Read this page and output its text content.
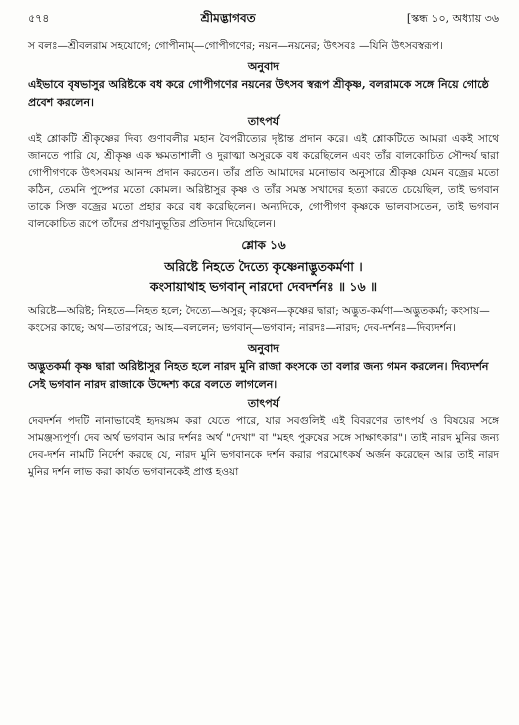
৫৭৪	শ্রীমদ্ভাগবত	[স্কন্ধ ১০, অধ্যায় ৩৬

স বলঃ—শ্রীবলরাম সহযোগে; গোপীনাম্—গোপীগণের; নয়ন—নয়নের; উৎসবঃ —যিনি উৎসবস্বরূপ।

অনুবাদ

এইভাবে বৃষভাসুর অরিষ্টকে বধ করে গোপীগণের নয়নের উৎসব স্বরূপ শ্রীকৃষ্ণ, বলরামকে সঙ্গে নিয়ে গোষ্ঠে প্রবেশ করলেন।

তাৎপর্য

এই শ্লোকটি শ্রীকৃষ্ণের দিব্য গুণাবলীর মহান বৈপরীত্যের দৃষ্টান্ত প্রদান করে। এই শ্লোকটিতে আমরা একই সাথে জানতে পারি যে, শ্রীকৃষ্ণ এক ক্ষমতাশালী ও দুরাত্মা অসুরকে বধ করেছিলেন এবং তাঁর বালকোচিত সৌন্দর্য দ্বারা গোপীগণকে উৎসবময় আনন্দ প্রদান করতেন। তাঁর প্রতি আমাদের মনোভাব অনুসারে শ্রীকৃষ্ণ যেমন বজ্রের মতো কঠিন, তেমনি পুষ্পের মতো কোমল। অরিষ্টাসুর কৃষ্ণ ও তাঁর সমস্ত সখাদের হত্যা করতে চেয়েছিল, তাই ভগবান তাকে সিক্ত বজ্রের মতো প্রহার করে বধ করেছিলেন। অন্যদিকে, গোপীগণ কৃষ্ণকে ভালবাসতেন, তাই ভগবান বালকোচিত রূপে তাঁদের প্রণয়ানুভূতির প্রতিদান দিয়েছিলেন।

শ্লোক ১৬
অরিষ্টে নিহতে দৈত্যে কৃষ্ণেনাদ্ভুতকর্মণা ।
কংসায়াথাহ ভগবান্ নারদো দেবদর্শনঃ ॥ ১৬ ॥

অরিষ্টে—অরিষ্ট; নিহতে—নিহত হলে; দৈত্যে—অসুর; কৃষ্ণেন—কৃষ্ণের দ্বারা; অদ্ভুত-কর্মণা—অদ্ভুতকর্মা; কংসায়—কংসের কাছে; অথ—তারপরে; আহ—বললেন; ভগবান্—ভগবান; নারদঃ—নারদ; দেব-দর্শনঃ—দিব্যদর্শন।

অনুবাদ

অদ্ভুতকর্মা কৃষ্ণ দ্বারা অরিষ্টাসুর নিহত হলে নারদ মুনি রাজা কংসকে তা বলার জন্য গমন করলেন। দিব্যদর্শন সেই ভগবান নারদ রাজাকে উদ্দেশ্য করে বলতে লাগলেন।

তাৎপর্য

দেবদর্শন পদটি নানাভাবেই হৃদয়ঙ্গম করা যেতে পারে, যার সবগুলিই এই বিবরণের তাৎপর্য ও বিষয়ের সঙ্গে সামঞ্জস্যপূর্ণ। দেব অর্থ ভগবান আর দর্শনঃ অর্থ "দেখা" বা "মহৎ পুরুষের সঙ্গে সাক্ষাৎকার"। তাই নারদ মুনির জন্য দেব-দর্শন নামটি নির্দেশ করছে যে, নারদ মুনি ভগবানকে দর্শন করার পরমোৎকর্ষ অর্জন করেছেন আর তাই নারদ মুনির দর্শন লাভ করা কার্যত ভগবানকেই প্রাপ্ত হওয়া
